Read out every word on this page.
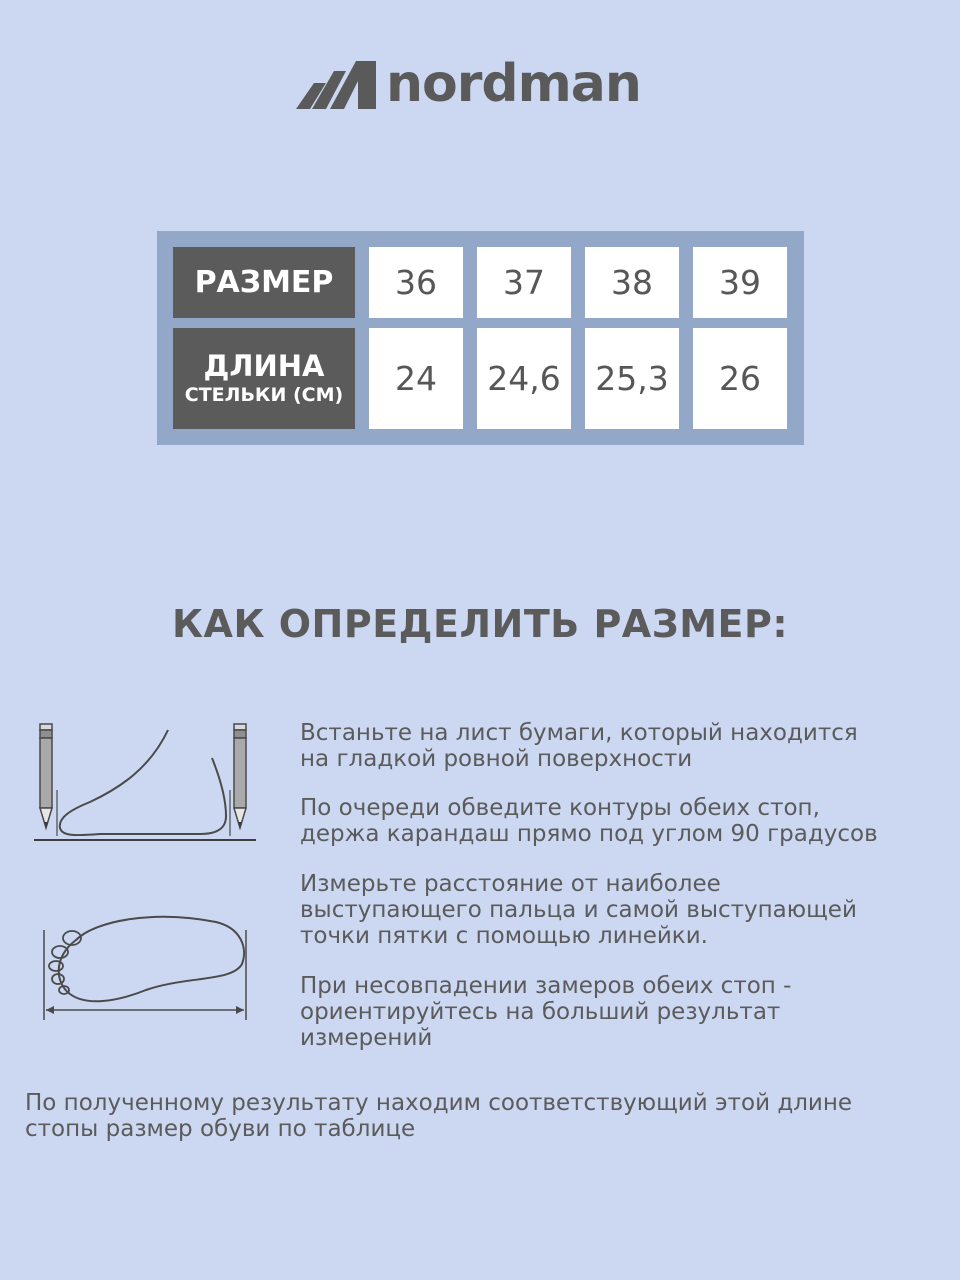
nordman
РАЗМЕР	36	37	38	39
ДЛИНА
СТЕЛЬКИ (СМ)	24	24,6	25,3	26
КАК ОПРЕДЕЛИТЬ РАЗМЕР:
Встаньте на лист бумаги, который находится
на гладкой ровной поверхности
По очереди обведите контуры обеих стоп,
держа карандаш прямо под углом 90 градусов
Измерьте расстояние от наиболее
выступающего пальца и самой выступающей
точки пятки с помощью линейки.
При несовпадении замеров обеих стоп -
ориентируйтесь на больший результат
измерений
По полученному результату находим соответствующий этой длине
стопы размер обуви по таблице
